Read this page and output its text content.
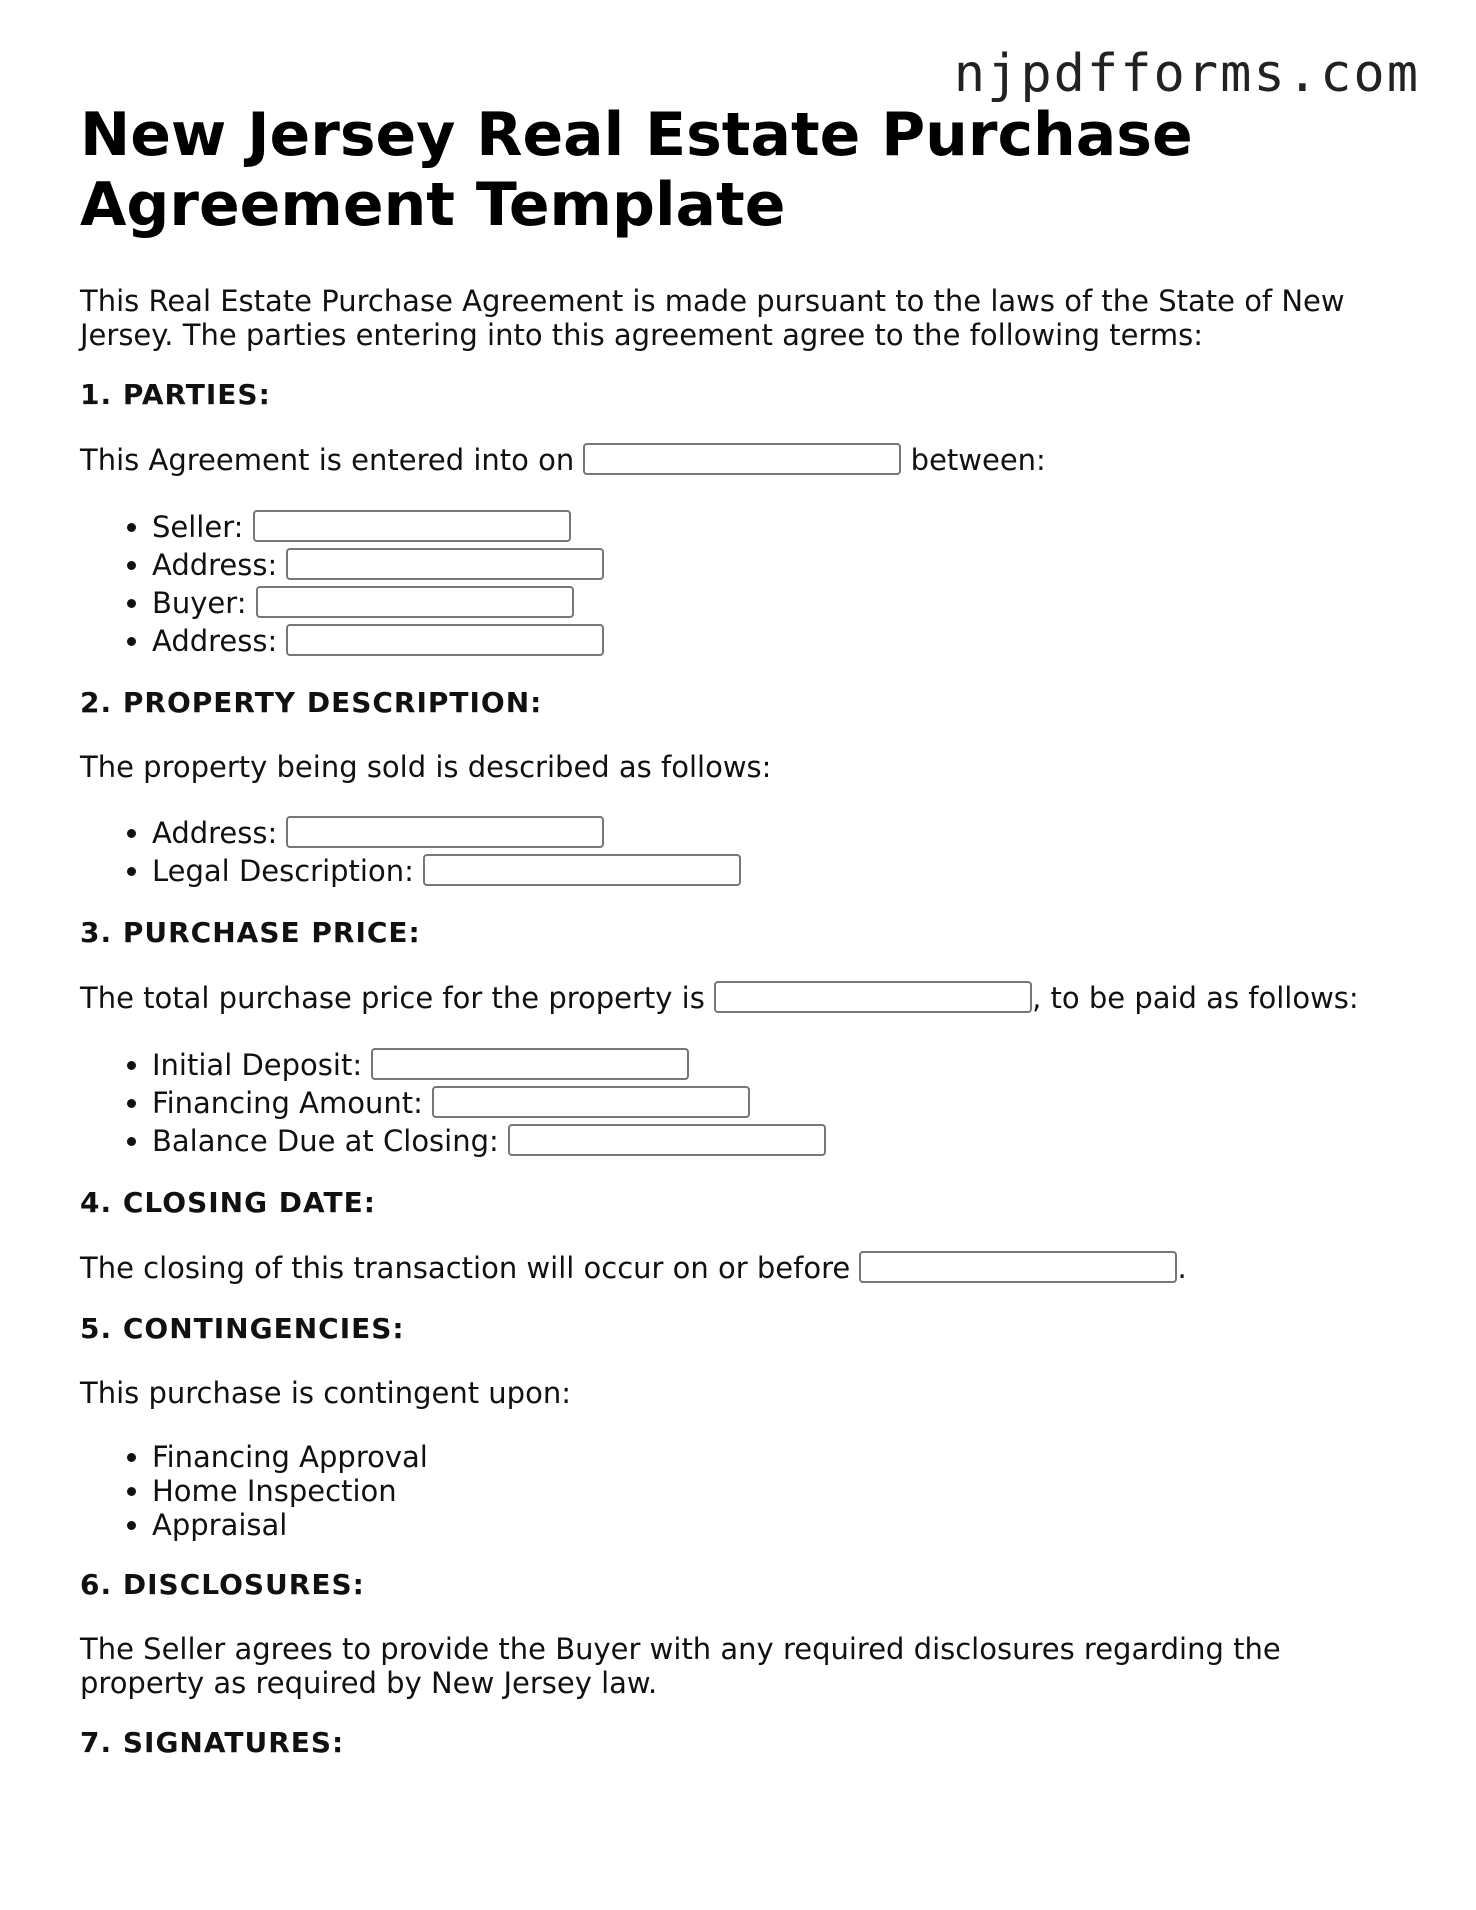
njpdfforms.com
New Jersey Real Estate Purchase Agreement Template

This Real Estate Purchase Agreement is made pursuant to the laws of the State of New Jersey. The parties entering into this agreement agree to the following terms:

1. PARTIES:

This Agreement is entered into on	between:

• Seller:
• Address:
• Buyer:
• Address:
2. PROPERTY DESCRIPTION:

The property being sold is described as follows:

• Address:
• Legal Description:
3. PURCHASE PRICE:

The total purchase price for the property is	, to be paid as follows:

• Initial Deposit:
• Financing Amount:
• Balance Due at Closing:
4. CLOSING DATE:

The closing of this transaction will occur on or before	.

5. CONTINGENCIES:

This purchase is contingent upon:

• Financing Approval
• Home Inspection
• Appraisal
6. DISCLOSURES:

The Seller agrees to provide the Buyer with any required disclosures regarding the property as required by New Jersey law.

7. SIGNATURES:
